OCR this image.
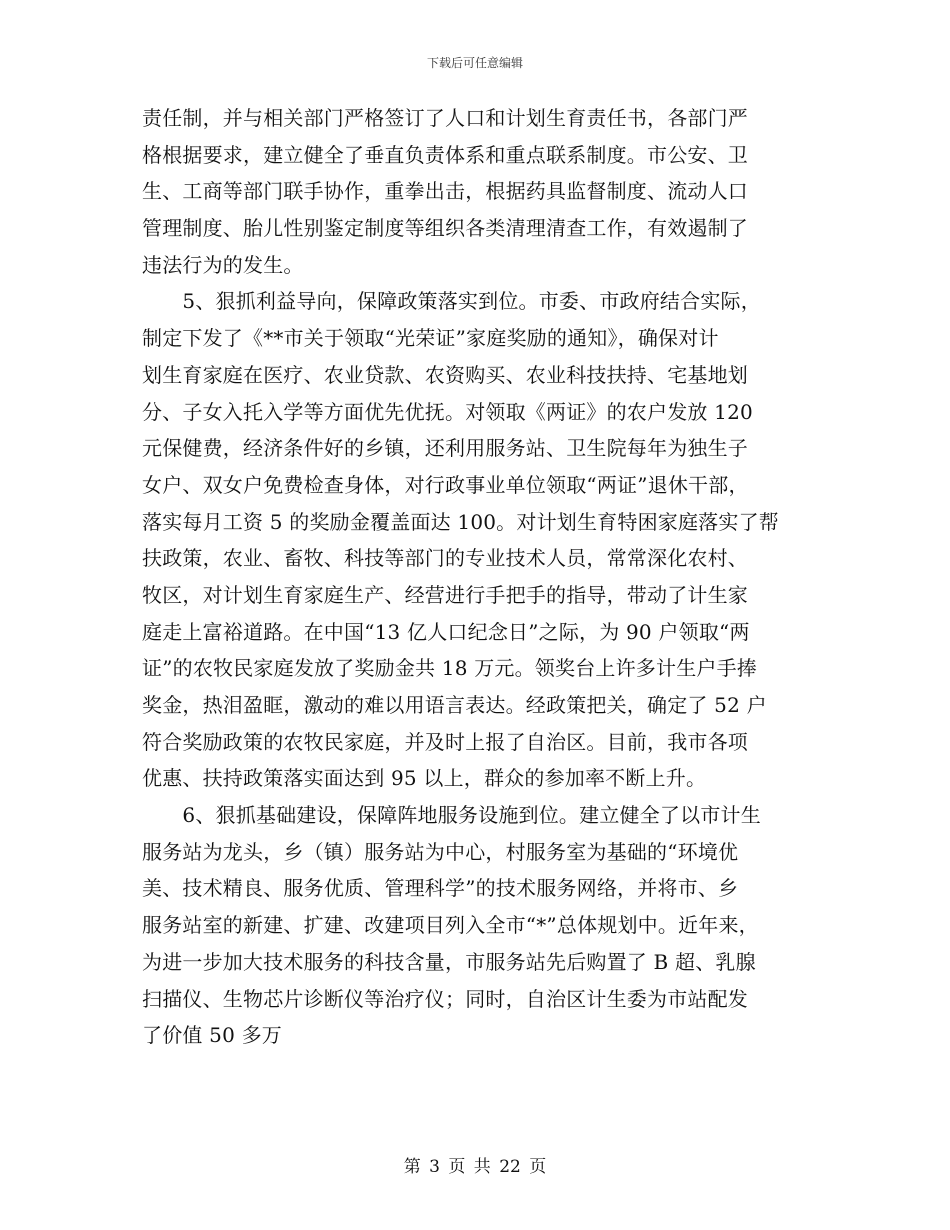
下载后可任意编辑
责任制，并与相关部门严格签订了人口和计划生育责任书，各部门严
格根据要求，建立健全了垂直负责体系和重点联系制度。市公安、卫
生、工商等部门联手协作，重拳出击，根据药具监督制度、流动人口
管理制度、胎儿性别鉴定制度等组织各类清理清查工作，有效遏制了
违法行为的发生。
　　5、狠抓利益导向，保障政策落实到位。市委、市政府结合实际，
制定下发了《**市关于领取“光荣证”家庭奖励的通知》，确保对计
划生育家庭在医疗、农业贷款、农资购买、农业科技扶持、宅基地划
分、子女入托入学等方面优先优抚。对领取《两证》的农户发放 120
元保健费，经济条件好的乡镇，还利用服务站、卫生院每年为独生子
女户、双女户免费检查身体，对行政事业单位领取“两证”退休干部，
落实每月工资 5 的奖励金覆盖面达 100。对计划生育特困家庭落实了帮
扶政策，农业、畜牧、科技等部门的专业技术人员，常常深化农村、
牧区，对计划生育家庭生产、经营进行手把手的指导，带动了计生家
庭走上富裕道路。在中国“13 亿人口纪念日”之际，为 90 户领取“两
证”的农牧民家庭发放了奖励金共 18 万元。领奖台上许多计生户手捧
奖金，热泪盈眶，激动的难以用语言表达。经政策把关，确定了 52 户
符合奖励政策的农牧民家庭，并及时上报了自治区。目前，我市各项
优惠、扶持政策落实面达到 95 以上，群众的参加率不断上升。
　　6、狠抓基础建设，保障阵地服务设施到位。建立健全了以市计生
服务站为龙头，乡（镇）服务站为中心，村服务室为基础的“环境优
美、技术精良、服务优质、管理科学”的技术服务网络，并将市、乡
服务站室的新建、扩建、改建项目列入全市“*”总体规划中。近年来，
为进一步加大技术服务的科技含量，市服务站先后购置了 B 超、乳腺
扫描仪、生物芯片诊断仪等治疗仪；同时，自治区计生委为市站配发
了价值 50 多万
第 3 页 共 22 页
